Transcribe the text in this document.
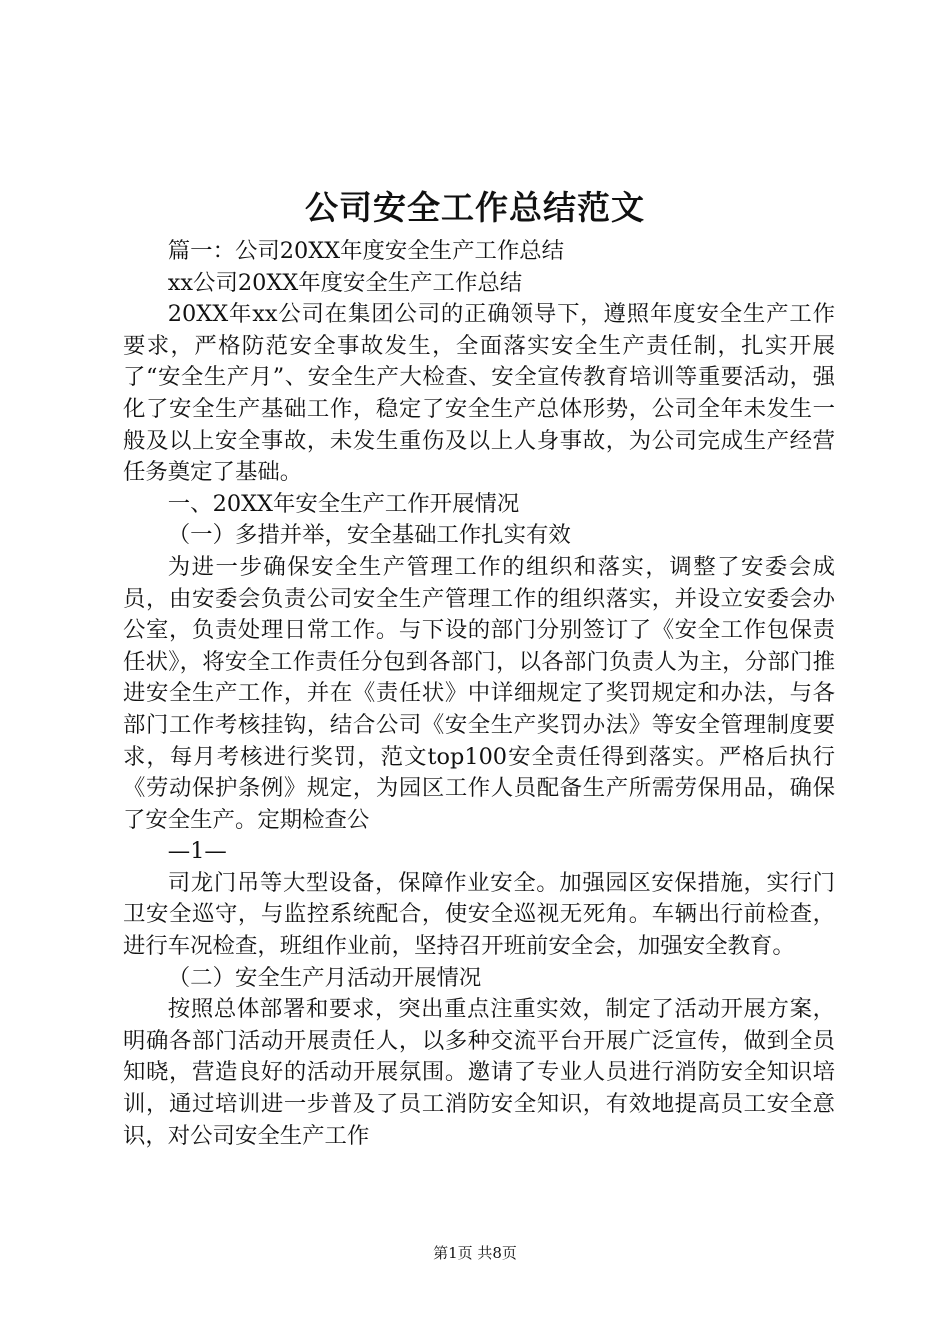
公司安全工作总结范文

篇一：公司20XX年度安全生产工作总结

xx公司20XX年度安全生产工作总结

20XX年xx公司在集团公司的正确领导下，遵照年度安全生产工作要求，严格防范安全事故发生，全面落实安全生产责任制，扎实开展了“安全生产月”、安全生产大检查、安全宣传教育培训等重要活动，强化了安全生产基础工作，稳定了安全生产总体形势，公司全年未发生一般及以上安全事故，未发生重伤及以上人身事故，为公司完成生产经营任务奠定了基础。

一、20XX年安全生产工作开展情况

（一）多措并举，安全基础工作扎实有效

为进一步确保安全生产管理工作的组织和落实，调整了安委会成员，由安委会负责公司安全生产管理工作的组织落实，并设立安委会办公室，负责处理日常工作。与下设的部门分别签订了《安全工作包保责任状》，将安全工作责任分包到各部门，以各部门负责人为主，分部门推进安全生产工作，并在《责任状》中详细规定了奖罚规定和办法，与各部门工作考核挂钩，结合公司《安全生产奖罚办法》等安全管理制度要求，每月考核进行奖罚，范文top100安全责任得到落实。严格后执行《劳动保护条例》规定，为园区工作人员配备生产所需劳保用品，确保了安全生产。定期检查公

—1—

司龙门吊等大型设备，保障作业安全。加强园区安保措施，实行门卫安全巡守，与监控系统配合，使安全巡视无死角。车辆出行前检查，进行车况检查，班组作业前，坚持召开班前安全会，加强安全教育。

（二）安全生产月活动开展情况

按照总体部署和要求，突出重点注重实效，制定了活动开展方案，明确各部门活动开展责任人，以多种交流平台开展广泛宣传，做到全员知晓，营造良好的活动开展氛围。邀请了专业人员进行消防安全知识培训，通过培训进一步普及了员工消防安全知识，有效地提高员工安全意识，对公司安全生产工作

第1页 共8页
